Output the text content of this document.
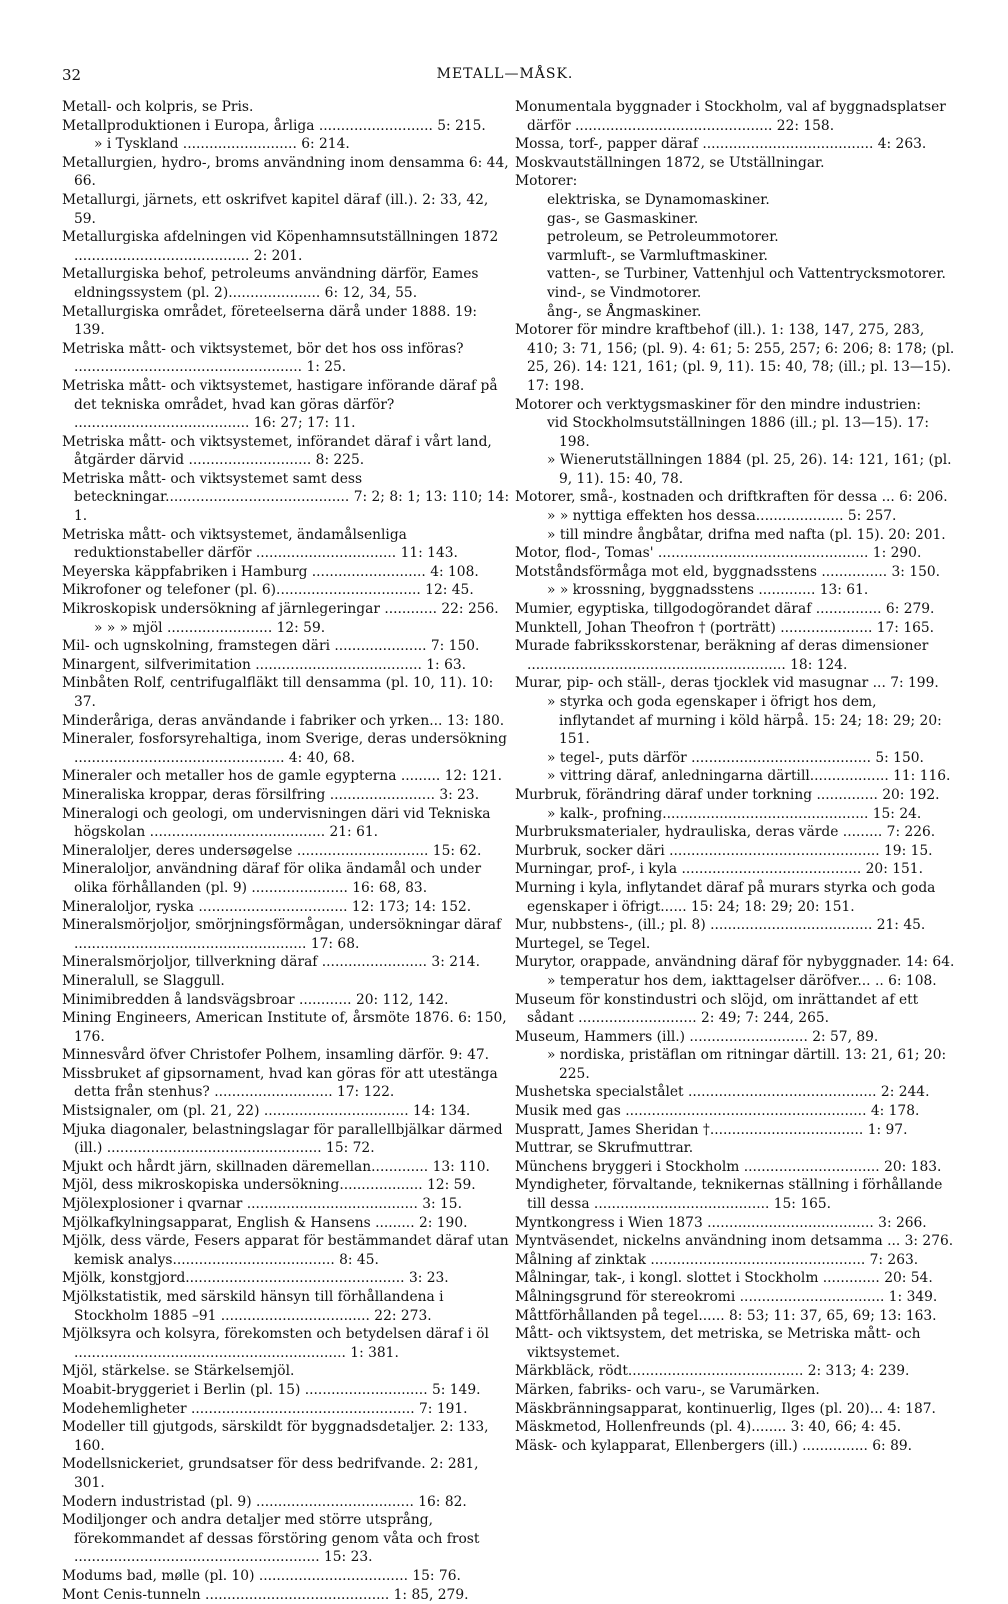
32	METALL—MÅSK.

Metall- och kolpris, se Pris.

Metallproduktionen i Europa, årliga .......................... 5: 215.

» i Tyskland .......................... 6: 214.

Metallurgien, hydro-, broms användning inom densamma 6: 44, 66.

Metallurgi, järnets, ett oskrifvet kapitel däraf (ill.). 2: 33, 42, 59.

Metallurgiska afdelningen vid Köpenhamnsutställningen 1872 ........................................ 2: 201.

Metallurgiska behof, petroleums användning därför, Eames eldningssystem (pl. 2)..................... 6: 12, 34, 55.

Metallurgiska området, företeelserna därå under 1888. 19: 139.

Metriska mått- och viktsystemet, bör det hos oss införas? .................................................... 1: 25.

Metriska mått- och viktsystemet, hastigare införande däraf på det tekniska området, hvad kan göras därför? ........................................ 16: 27; 17: 11.

Metriska mått- och viktsystemet, införandet däraf i vårt land, åtgärder därvid ............................ 8: 225.

Metriska mått- och viktsystemet samt dess beteckningar.......................................... 7: 2; 8: 1; 13: 110; 14: 1.

Metriska mått- och viktsystemet, ändamålsenliga reduktionstabeller därför ................................ 11: 143.

Meyerska käppfabriken i Hamburg .......................... 4: 108.

Mikrofoner og telefoner (pl. 6)................................. 12: 45.

Mikroskopisk undersökning af järnlegeringar ............ 22: 256.

» » » mjöl ........................ 12: 59.

Mil- och ugnskolning, framstegen däri ..................... 7: 150.

Minargent, silfverimitation ...................................... 1: 63.

Minbåten Rolf, centrifugalfläkt till densamma (pl. 10, 11). 10: 37.

Minderåriga, deras användande i fabriker och yrken... 13: 180.

Mineraler, fosforsyrehaltiga, inom Sverige, deras undersökning ................................................ 4: 40, 68.

Mineraler och metaller hos de gamle egypterna ......... 12: 121.

Mineraliska kroppar, deras försilfring ........................ 3: 23.

Mineralogi och geologi, om undervisningen däri vid Tekniska högskolan ........................................ 21: 61.

Mineraloljer, deres undersøgelse .............................. 15: 62.

Mineraloljor, användning däraf för olika ändamål och under olika förhållanden (pl. 9) ...................... 16: 68, 83.

Mineraloljor, ryska .................................. 12: 173; 14: 152.

Mineralsmörjoljor, smörjningsförmågan, undersökningar däraf ..................................................... 17: 68.

Mineralsmörjoljor, tillverkning däraf ........................ 3: 214.

Mineralull, se Slaggull.

Minimibredden å landsvägsbroar ............ 20: 112, 142.

Mining Engineers, American Institute of, årsmöte 1876. 6: 150, 176.

Minnesvård öfver Christofer Polhem, insamling därför. 9: 47.

Missbruket af gipsornament, hvad kan göras för att utestänga detta från stenhus? ........................... 17: 122.

Mistsignaler, om (pl. 21, 22) ................................. 14: 134.

Mjuka diagonaler, belastningslagar för parallellbjälkar därmed (ill.) ................................................. 15: 72.

Mjukt och hårdt järn, skillnaden däremellan............. 13: 110.

Mjöl, dess mikroskopiska undersökning................... 12: 59.

Mjölexplosioner i qvarnar ....................................... 3: 15.

Mjölkafkylningsapparat, English & Hansens ......... 2: 190.

Mjölk, dess värde, Fesers apparat för bestämmandet däraf utan kemisk analys..................................... 8: 45.

Mjölk, konstgjord.................................................. 3: 23.

Mjölkstatistik, med särskild hänsyn till förhållandena i Stockholm 1885 –91 .................................. 22: 273.

Mjölksyra och kolsyra, förekomsten och betydelsen däraf i öl .............................................................. 1: 381.

Mjöl, stärkelse. se Stärkelsemjöl.

Moabit-bryggeriet i Berlin (pl. 15) ............................ 5: 149.

Modehemligheter ................................................... 7: 191.

Modeller till gjutgods, särskildt för byggnadsdetaljer. 2: 133, 160.

Modellsnickeriet, grundsatser för dess bedrifvande. 2: 281, 301.

Modern industristad (pl. 9) .................................... 16: 82.

Modiljonger och andra detaljer med större utsprång, förekommandet af dessas förstöring genom våta och frost ........................................................ 15: 23.

Modums bad, mølle (pl. 10) .................................. 15: 76.

Mont Cenis-tunneln .......................................... 1: 85, 279.

Monumentala byggnader i Stockholm, val af byggnadsplatser därför ............................................. 22: 158.

Mossa, torf-, papper däraf ....................................... 4: 263.

Moskvautställningen 1872, se Utställningar.

Motorer:

elektriska, se Dynamomaskiner.

gas-, se Gasmaskiner.

petroleum, se Petroleummotorer.

varmluft-, se Varmluftmaskiner.

vatten-, se Turbiner, Vattenhjul och Vattentrycksmotorer.

vind-, se Vindmotorer.

ång-, se Ångmaskiner.

Motorer för mindre kraftbehof (ill.). 1: 138, 147, 275, 283, 410; 3: 71, 156; (pl. 9). 4: 61; 5: 255, 257; 6: 206; 8: 178; (pl. 25, 26). 14: 121, 161; (pl. 9, 11). 15: 40, 78; (ill.; pl. 13—15). 17: 198.

Motorer och verktygsmaskiner för den mindre industrien:

vid Stockholmsutställningen 1886 (ill.; pl. 13—15). 17: 198.

» Wienerutställningen 1884 (pl. 25, 26). 14: 121, 161; (pl. 9, 11). 15: 40, 78.

Motorer, små-, kostnaden och driftkraften för dessa ... 6: 206.

» » nyttiga effekten hos dessa.................... 5: 257.

» till mindre ångbåtar, drifna med nafta (pl. 15). 20: 201.

Motor, flod-, Tomas' ................................................ 1: 290.

Motståndsförmåga mot eld, byggnadsstens ............... 3: 150.

» » krossning, byggnadsstens ............. 13: 61.

Mumier, egyptiska, tillgodogörandet däraf ............... 6: 279.

Munktell, Johan Theofron † (porträtt) ..................... 17: 165.

Murade fabriksskorstenar, beräkning af deras dimensioner ........................................................... 18: 124.

Murar, pip- och ställ-, deras tjocklek vid masugnar ... 7: 199.

» styrka och goda egenskaper i öfrigt hos dem, inflytandet af murning i köld härpå. 15: 24; 18: 29; 20: 151.

» tegel-, puts därför ......................................... 5: 150.

» vittring däraf, anledningarna därtill.................. 11: 116.

Murbruk, förändring däraf under torkning .............. 20: 192.

» kalk-, profning............................................... 15: 24.

Murbruksmaterialer, hydrauliska, deras värde ......... 7: 226.

Murbruk, socker däri ................................................ 19: 15.

Murningar, prof-, i kyla ......................................... 20: 151.

Murning i kyla, inflytandet däraf på murars styrka och goda egenskaper i öfrigt...... 15: 24; 18: 29; 20: 151.

Mur, nubbstens-, (ill.; pl. 8) ..................................... 21: 45.

Murtegel, se Tegel.

Murytor, orappade, användning däraf för nybyggnader. 14: 64.

» temperatur hos dem, iakttagelser däröfver... .. 6: 108.

Museum för konstindustri och slöjd, om inrättandet af ett sådant ........................... 2: 49; 7: 244, 265.

Museum, Hammers (ill.) ........................... 2: 57, 89.

» nordiska, pristäflan om ritningar därtill. 13: 21, 61; 20: 225.

Mushetska specialstålet ........................................... 2: 244.

Musik med gas ....................................................... 4: 178.

Muspratt, James Sheridan †................................... 1: 97.

Muttrar, se Skrufmuttrar.

Münchens bryggeri i Stockholm ............................... 20: 183.

Myndigheter, förvaltande, teknikernas ställning i förhållande till dessa ........................................ 15: 165.

Myntkongress i Wien 1873 ...................................... 3: 266.

Myntväsendet, nickelns användning inom detsamma ... 3: 276.

Målning af zinktak ................................................. 7: 263.

Målningar, tak-, i kongl. slottet i Stockholm ............. 20: 54.

Målningsgrund för stereokromi ................................. 1: 349.

Måttförhållanden på tegel...... 8: 53; 11: 37, 65, 69; 13: 163.

Mått- och viktsystem, det metriska, se Metriska mått- och viktsystemet.

Märkbläck, rödt........................................ 2: 313; 4: 239.

Märken, fabriks- och varu-, se Varumärken.

Mäskbränningsapparat, kontinuerlig, Ilges (pl. 20)... 4: 187.

Mäskmetod, Hollenfreunds (pl. 4)........ 3: 40, 66; 4: 45.

Mäsk- och kylapparat, Ellenbergers (ill.) ............... 6: 89.
